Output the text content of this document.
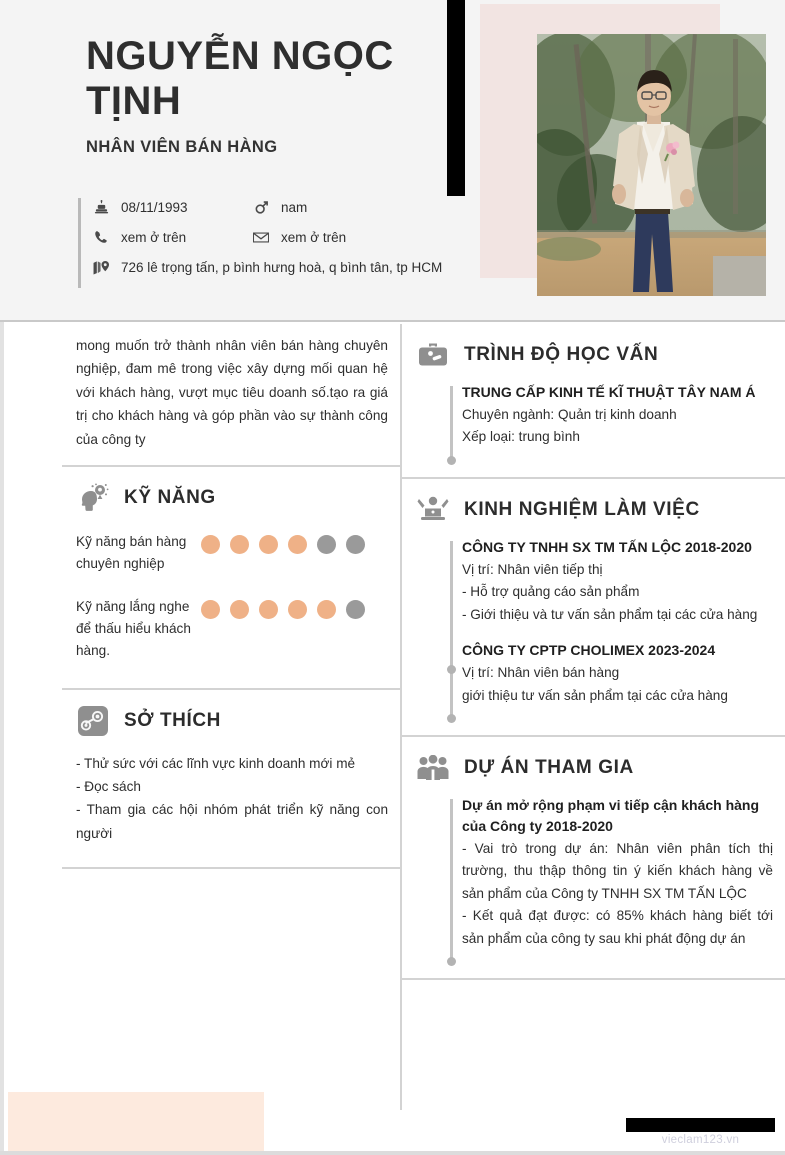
NGUYỄN NGỌC TỊNH
NHÂN VIÊN BÁN HÀNG
08/11/1993	nam
xem ở trên	xem ở trên
726 lê trọng tấn, p bình hưng hoà, q bình tân, tp HCM

mong muốn trở thành nhân viên bán hàng chuyên nghiệp, đam mê trong việc xây dựng mối quan hệ với khách hàng, vượt mục tiêu doanh số.tạo ra giá trị cho khách hàng và góp phần vào sự thành công của công ty

KỸ NĂNG
Kỹ năng bán hàng chuyên nghiệp
Kỹ năng lắng nghe để thấu hiểu khách hàng.
SỞ THÍCH
- Thử sức với các lĩnh vực kinh doanh mới mẻ
- Đọc sách
- Tham gia các hội nhóm phát triển kỹ năng con người
TRÌNH ĐỘ HỌC VẤN
TRUNG CẤP KINH TẾ KĨ THUẬT TÂY NAM Á
Chuyên ngành: Quản trị kinh doanh
Xếp loại: trung bình
KINH NGHIỆM LÀM VIỆC
CÔNG TY TNHH SX TM TẤN LỘC 2018-2020
Vị trí: Nhân viên tiếp thị
- Hỗ trợ quảng cáo sản phẩm
- Giới thiệu và tư vấn sản phẩm tại các cửa hàng
CÔNG TY CPTP CHOLIMEX 2023-2024
Vị trí: Nhân viên bán hàng
giới thiệu tư vấn sản phẩm tại các cửa hàng
DỰ ÁN THAM GIA
Dự án mở rộng phạm vi tiếp cận khách hàng của Công ty 2018-2020
- Vai trò trong dự án: Nhân viên phân tích thị trường, thu thập thông tin ý kiến khách hàng về sản phẩm của Công ty TNHH SX TM TẤN LỘC
- Kết quả đạt được: có 85% khách hàng biết tới sản phẩm của công ty sau khi phát động dự án
vieclam123.vn
